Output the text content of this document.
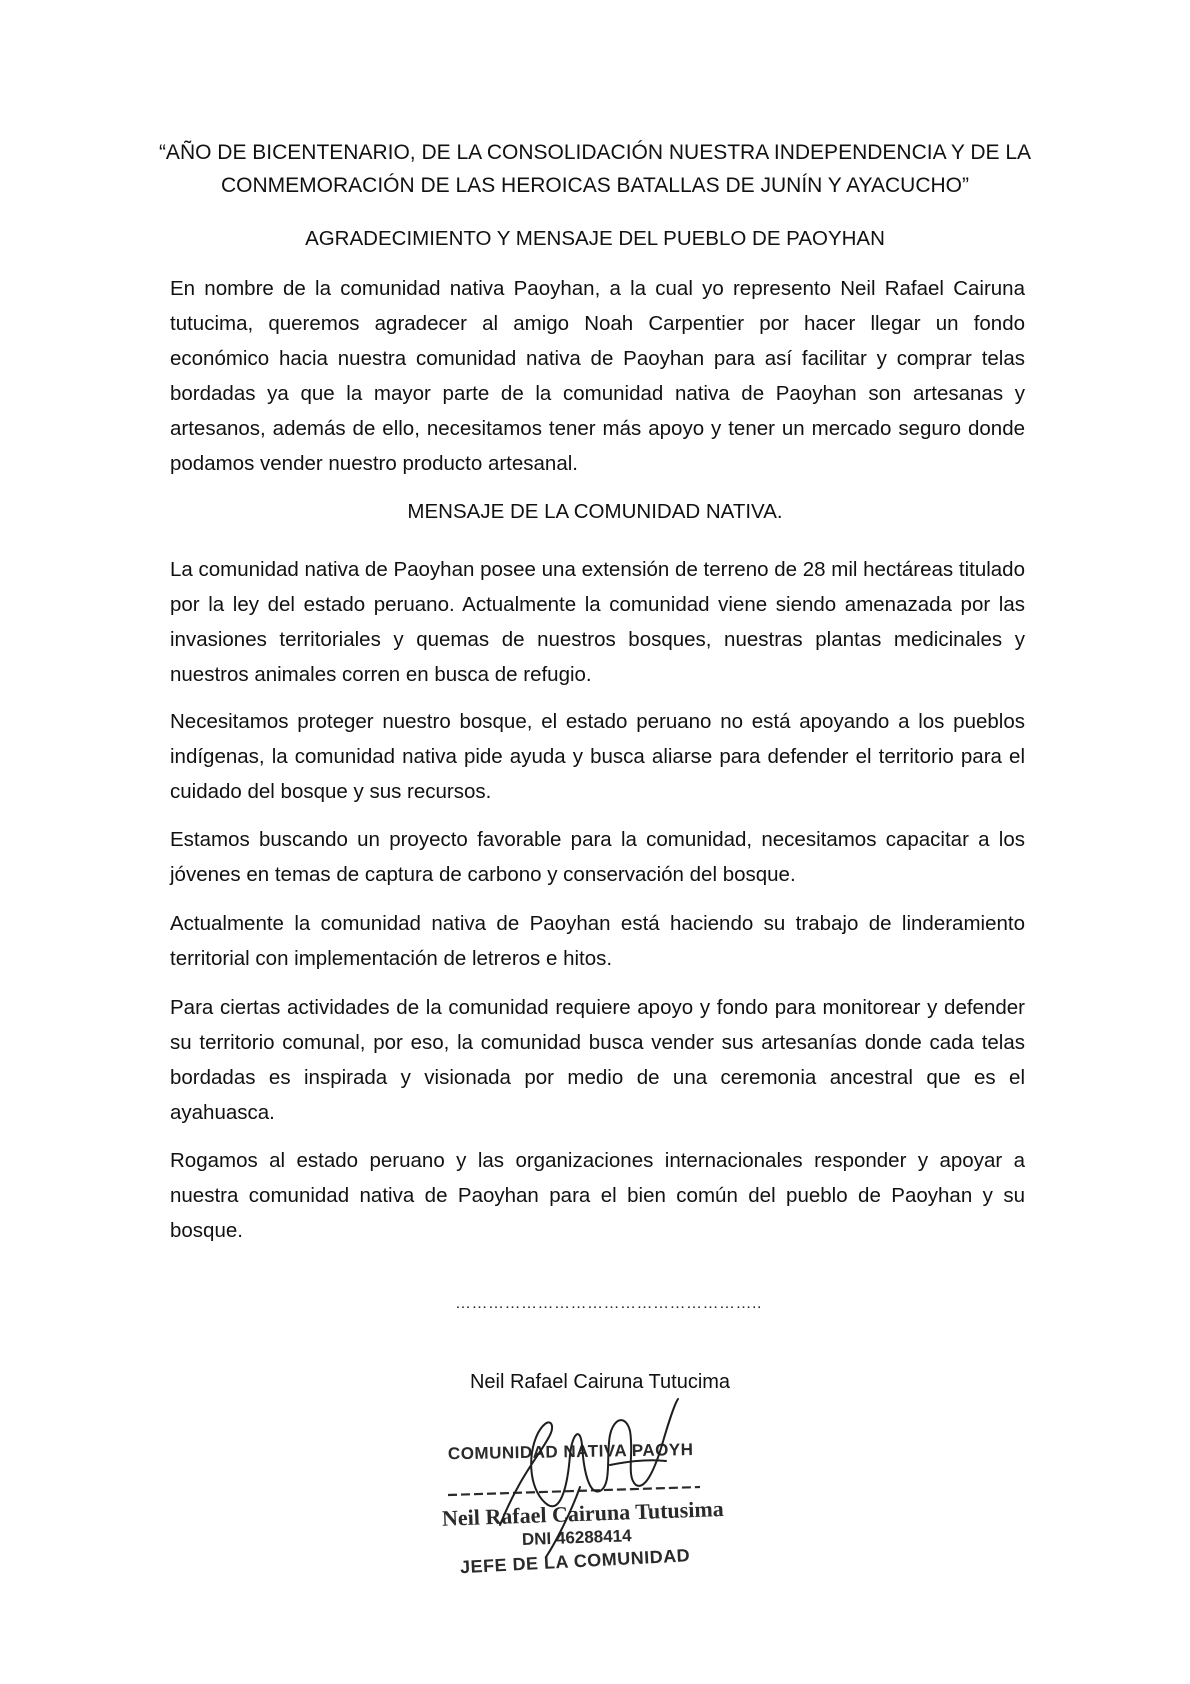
“AÑO DE BICENTENARIO, DE LA CONSOLIDACIÓN NUESTRA INDEPENDENCIA Y DE LA
CONMEMORACIÓN DE LAS HEROICAS BATALLAS DE JUNÍN Y AYACUCHO”
AGRADECIMIENTO Y MENSAJE DEL PUEBLO DE PAOYHAN

En nombre de la comunidad nativa Paoyhan, a la cual yo represento Neil Rafael Cairuna tutucima, queremos agradecer al amigo Noah Carpentier por hacer llegar un fondo económico hacia nuestra comunidad nativa de Paoyhan para así facilitar y comprar telas bordadas ya que la mayor parte de la comunidad nativa de Paoyhan son artesanas y artesanos, además de ello, necesitamos tener más apoyo y tener un mercado seguro donde podamos vender nuestro producto artesanal.

MENSAJE DE LA COMUNIDAD NATIVA.

La comunidad nativa de Paoyhan posee una extensión de terreno de 28 mil hectáreas titulado por la ley del estado peruano. Actualmente la comunidad viene siendo amenazada por las invasiones territoriales y quemas de nuestros bosques, nuestras plantas medicinales y nuestros animales corren en busca de refugio.

Necesitamos proteger nuestro bosque, el estado peruano no está apoyando a los pueblos indígenas, la comunidad nativa pide ayuda y busca aliarse para defender el territorio para el cuidado del bosque y sus recursos.

Estamos buscando un proyecto favorable para la comunidad, necesitamos capacitar a los jóvenes en temas de captura de carbono y conservación del bosque.

Actualmente la comunidad nativa de Paoyhan está haciendo su trabajo de linderamiento territorial con implementación de letreros e hitos.

Para ciertas actividades de la comunidad requiere apoyo y fondo para monitorear y defender su territorio comunal, por eso, la comunidad busca vender sus artesanías donde cada telas bordadas es inspirada y visionada por medio de una ceremonia ancestral que es el ayahuasca.

Rogamos al estado peruano y las organizaciones internacionales responder y apoyar a nuestra comunidad nativa de Paoyhan para el bien común del pueblo de Paoyhan y su bosque.

………………………………………………..
Neil Rafael Cairuna Tutucima
COMUNIDAD NATIVA PAOYH
Neil Rafael Cairuna Tutusima
DNI 46288414
JEFE DE LA COMUNIDAD
